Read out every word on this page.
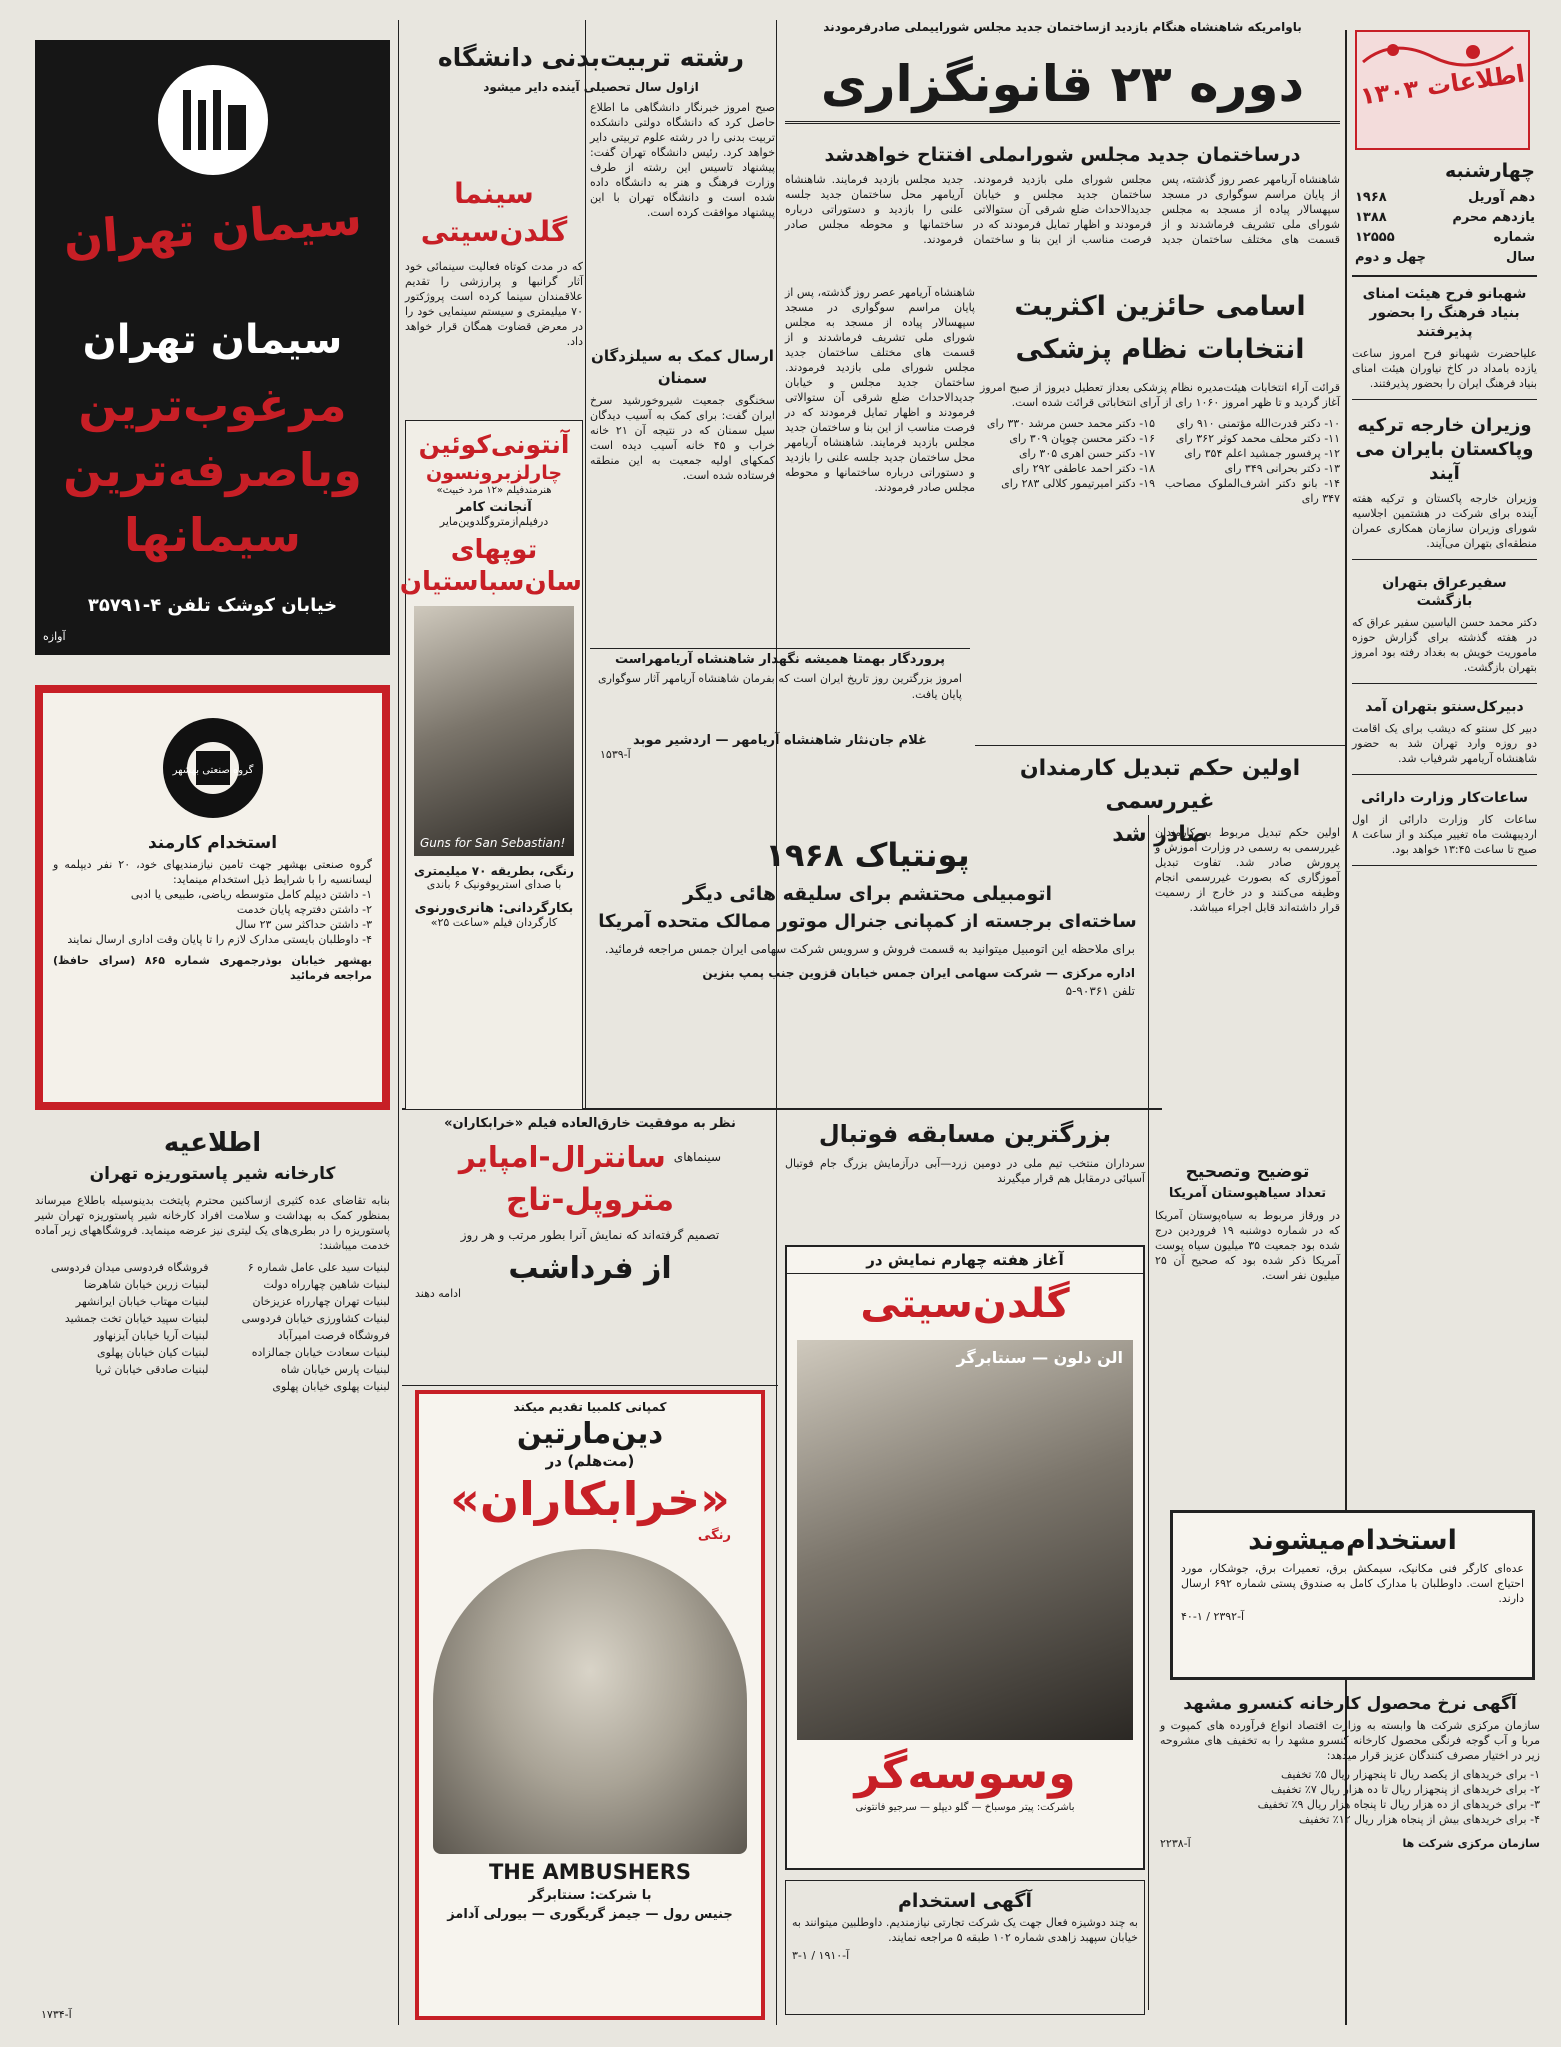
اطلاعات ۱۳۰۳
چهارشنبه
دهم آوریل
۱۹۶۸
یازدهم محرم
۱۳۸۸
شماره
۱۲۵۵۵
سال
چهل و دوم
شهبانو فرح هیئت امنای بنیاد فرهنگ را بحضور پذیرفتند
علیاحضرت شهبانو فرح امروز ساعت یازده بامداد در کاخ نیاوران هیئت امنای بنیاد فرهنگ ایران را بحضور پذیرفتند.
وزیران خارجه ترکیه وپاکستان بایران می آیند
وزیران خارجه پاکستان و ترکیه هفته آینده برای شرکت در هشتمین اجلاسیه شورای وزیران سازمان همکاری عمران منطقه‌ای بتهران می‌آیند.
سفیرعراق بتهران بازگشت
دکتر محمد حسن الیاسین سفیر عراق که در هفته گذشته برای گزارش حوزه ماموریت خویش به بغداد رفته بود امروز بتهران بازگشت.
دبیرکل‌سنتو بتهران آمد
دبیر کل سنتو که دیشب برای یک اقامت دو روزه وارد تهران شد به حضور شاهنشاه آریامهر شرفیاب شد.
ساعات‌کار وزارت دارائی
ساعات کار وزارت دارائی از اول اردیبهشت ماه تغییر میکند و از ساعت ۸ صبح تا ساعت ۱۳:۴۵ خواهد بود.
باوامریکه شاهنشاه هنگام بازدید ازساختمان جدید مجلس شوراییملی صادرفرمودند
دوره ۲۳ قانونگزاری
درساختمان جدید مجلس شوراىملى افتتاح خواهدشد
شاهنشاه آریامهر عصر روز گذشته، پس از پایان مراسم سوگواری در مسجد سپهسالار پیاده از مسجد به مجلس شورای ملی تشریف فرماشدند و از قسمت های مختلف ساختمان جدید مجلس شورای ملی بازدید فرمودند. ساختمان جدید مجلس و خیابان جدیدالاحداث ضلع شرقی آن ستوالاتی فرمودند و اظهار تمایل فرمودند که در فرصت مناسب از این بنا و ساختمان جدید مجلس بازدید فرمایند. شاهنشاه آریامهر محل ساختمان جدید جلسه علنی را بازدید و دستوراتی درباره ساختمانها و محوطه مجلس صادر فرمودند.
شاهنشاه آریامهر عصر روز گذشته، پس از پایان مراسم سوگواری در مسجد سپهسالار پیاده از مسجد به مجلس شورای ملی تشریف فرماشدند و از قسمت های مختلف ساختمان جدید مجلس شورای ملی بازدید فرمودند. ساختمان جدید مجلس و خیابان جدیدالاحداث ضلع شرقی آن ستوالاتی فرمودند و اظهار تمایل فرمودند که در فرصت مناسب از این بنا و ساختمان جدید مجلس بازدید فرمایند. شاهنشاه آریامهر محل ساختمان جدید جلسه علنی را بازدید و دستوراتی درباره ساختمانها و محوطه مجلس صادر فرمودند.
اسامی حائزین اکثریت
انتخابات نظام پزشکی
قرائت آراء انتخابات هیئت‌مدیره نظام پزشکی بعداز تعطیل دیروز از صبح امروز آغاز گردید و تا ظهر امروز ۱۰۶۰ رای از آرای انتخاباتی قرائت شده است.
۱۰- دکتر قدرت‌الله مؤتمنی ۹۱۰ رای
۱۱- دکتر محلف محمد کوثر ۳۶۲ رای
۱۲- پرفسور جمشید اعلم ۳۵۴ رای
۱۳- دکتر بحرانی ۳۴۹ رای
۱۴- بانو دکتر اشرف‌الملوک مصاحب ۳۴۷ رای
۱۵- دکتر محمد حسن مرشد ۳۳۰ رای
۱۶- دکتر محسن چوپان ۳۰۹ رای
۱۷- دکتر حسن اهری ۳۰۵ رای
۱۸- دکتر احمد عاطفی ۲۹۲ رای
۱۹- دکتر امیرتیمور کلالی ۲۸۳ رای
اولین حکم تبدیل کارمندان غیررسمی
صادر شد
اولین حکم تبدیل مربوط به کارمندان غیررسمی به رسمی در وزارت آموزش و پرورش صادر شد. تفاوت تبدیل آموزگاری که بصورت غیررسمی انجام وظیفه می‌کنند و در خارج از رسمیت قرار داشته‌اند قابل اجراء میباشد.
رشته تربیت‌بدنی دانشگاه
ازاول سال تحصیلی آینده دایر میشود
صبح امروز خبرنگار دانشگاهی ما اطلاع حاصل کرد که دانشگاه دولتی دانشکده تربیت بدنی را در رشته علوم تربیتی دایر خواهد کرد. رئیس دانشگاه تهران گفت: پیشنهاد تاسیس این رشته از طرف وزارت فرهنگ و هنر به دانشگاه داده شده است و دانشگاه تهران با این پیشنهاد موافقت کرده است.
سینما گلدن‌سیتی
که در مدت کوتاه فعالیت سینمائی خود آثار گرانبها و پرارزشی را تقدیم علاقمندان سینما کرده است پروژکتور ۷۰ میلیمتری و سیستم سینمایی خود را در معرض قضاوت همگان قرار خواهد داد.
ارسال کمک به سیلزدگان سمنان
سخنگوی جمعیت شیروخورشید سرخ ایران گفت: برای کمک به آسیب دیدگان سیل سمنان که در نتیجه آن ۲۱ خانه خراب و ۴۵ خانه آسیب دیده است کمکهای اولیه جمعیت به این منطقه فرستاده شده است.
پروردگار بهمتا همیشه نگهدار شاهنشاه آریامهراست
امروز بزرگترین روز تاریخ ایران است که بفرمان شاهنشاه آریامهر آثار سوگواری پایان یافت.
غلام جان‌نثار شاهنشاه آریامهر — اردشیر موبد
آ-۱۵۳۹
پونتیاک ۱۹۶۸
اتومبیلی محتشم برای سلیقه هائی دیگر
ساخته‌ای برجسته از کمپانی جنرال موتور ممالک متحده آمریکا
برای ملاحظه این اتومبیل میتوانید به قسمت فروش و سرویس شرکت سهامی ایران جمس مراجعه فرمائید.
اداره مرکزی — شرکت سهامی ایران جمس خیابان قزوین جنب پمپ بنزین
تلفن ۹۰۳۶۱-۵
سیمان تهران
سیمان تهران
مرغوب‌ترین
وباصرفه‌ترین
سیمانها
خیابان کوشک تلفن ۴-۳۵۷۹۱
آوازه
گروه صنعتی بهشهر
استخدام کارمند
گروه صنعتی بهشهر جهت تامین نیازمندیهای خود، ۲۰ نفر دیپلمه و لیسانسیه را با شرایط ذیل استخدام مینماید:
۱- داشتن دیپلم کامل متوسطه ریاضی، طبیعی یا ادبی
۲- داشتن دفترچه پایان خدمت
۳- داشتن حداکثر سن ۲۳ سال
۴- داوطلبان بایستی مدارک لازم را تا پایان وقت اداری ارسال نمایند
بهشهر خیابان بوذرجمهری شماره ۸۶۵ (سرای حافظ) مراجعه فرمائید
اطلاعیه
کارخانه شیر پاستوریزه تهران
بنابه تقاضای عده کثیری ازساکنین محترم پایتخت بدینوسیله باطلاع میرساند بمنظور کمک به بهداشت و سلامت افراد کارخانه شیر پاستوریزه تهران شیر پاستوریزه را در بطری‌های یک لیتری نیز عرضه مینماید. فروشگاههای زیر آماده خدمت میباشند:
لبنیات سید علی عامل شماره ۶
لبنیات شاهین چهارراه دولت
لبنیات تهران چهارراه عزیزخان
لبنیات کشاورزی خیابان فردوسی
فروشگاه فرصت امیرآباد
لبنیات سعادت خیابان جمالزاده
لبنیات پارس خیابان شاه
لبنیات پهلوی خیابان پهلوی
فروشگاه فردوسی میدان فردوسی
لبنیات زرین خیابان شاهرضا
لبنیات مهتاب خیابان ایرانشهر
لبنیات سپید خیابان تخت جمشید
لبنیات آریا خیابان آیزنهاور
لبنیات کیان خیابان پهلوی
لبنیات صادقی خیابان ثریا
آ-۱۷۳۴
آنتونی‌کوئین
چارلزبرونسون
هنرمندفیلم «۱۲ مرد خبیث»
آنجانت کامر
درفیلم‌ازمتروگلدوین‌مایر
توپهای سان‌سباستیان
Guns for San Sebastian!
رنگی، بطریقه ۷۰ میلیمتری
با صدای استریوفونیک ۶ باندی
بکارگردانی: هانری‌ورنوی
کارگردان فیلم «ساعت ۲۵»
نظر به موفقیت خارق‌العاده فیلم «خرابکاران»
سینماهای
سانترال-امپایر
متروپل-تاج
تصمیم گرفته‌اند که نمایش آنرا بطور مرتب و هر روز
از فرداشب
ادامه دهند
کمپانی کلمبیا تقدیم میکند
دین‌مارتین
(مت‌هلم) در
«خرابکاران»
رنگی
THE AMBUSHERS
با شرکت: سنتابرگر
جنیس رول — جیمز گریگوری — بیورلی آدامز
بزرگترین مسابقه فوتبال
سرداران منتخب تیم ملی در دومین زرد—آبی درآزمایش بزرگ جام فوتبال آسیائی درمقابل هم قرار میگیرند
آغاز هفته چهارم نمایش در
گلدن‌سیتی
الن دلون — سنتابرگر
وسوسه‌گر
باشرکت: پیتر موسباخ — گلو دیپلو — سرجیو فانتونی
آگهی استخدام
به چند دوشیزه فعال جهت یک شرکت تجارتی نیازمندیم. داوطلبین میتوانند به خیابان سپهبد زاهدی شماره ۱۰۲ طبقه ۵ مراجعه نمایند.
آ-۱۹۱۰ / ۱-۳
توضیح وتصحیح
تعداد سیاهپوستان آمریکا
در ورقاز مربوط به سیاه‌پوستان آمریکا که در شماره دوشنبه ۱۹ فروردین درج شده بود جمعیت ۳۵ میلیون سیاه پوست آمریکا ذکر شده بود که صحیح آن ۲۵ میلیون نفر است.
استخدام‌میشوند
عده‌ای کارگر فنی مکانیک، سیمکش برق، تعمیرات برق، جوشکار، مورد احتیاج است. داوطلبان با مدارک کامل به صندوق پستی شماره ۶۹۲ ارسال دارند.
آ-۲۳۹۲ / ۱-۴۰
آگهی نرخ محصول کارخانه کنسرو مشهد
سازمان مرکزی شرکت ها وابسته به وزارت اقتصاد انواع فرآورده های کمپوت و مربا و آب گوجه فرنگی محصول کارخانه کنسرو مشهد را به تخفیف های مشروحه زیر در اختیار مصرف کنندگان عزیز قرار میدهد:
۱- برای خریدهای از یکصد ریال تا پنجهزار ریال ۵٪ تخفیف
۲- برای خریدهای از پنجهزار ریال تا ده هزار ریال ۷٪ تخفیف
۳- برای خریدهای از ده هزار ریال تا پنجاه هزار ریال ۹٪ تخفیف
۴- برای خریدهای بیش از پنجاه هزار ریال ۱۲٪ تخفیف
سازمان مرکزی شرکت ها
آ-۲۲۳۸
